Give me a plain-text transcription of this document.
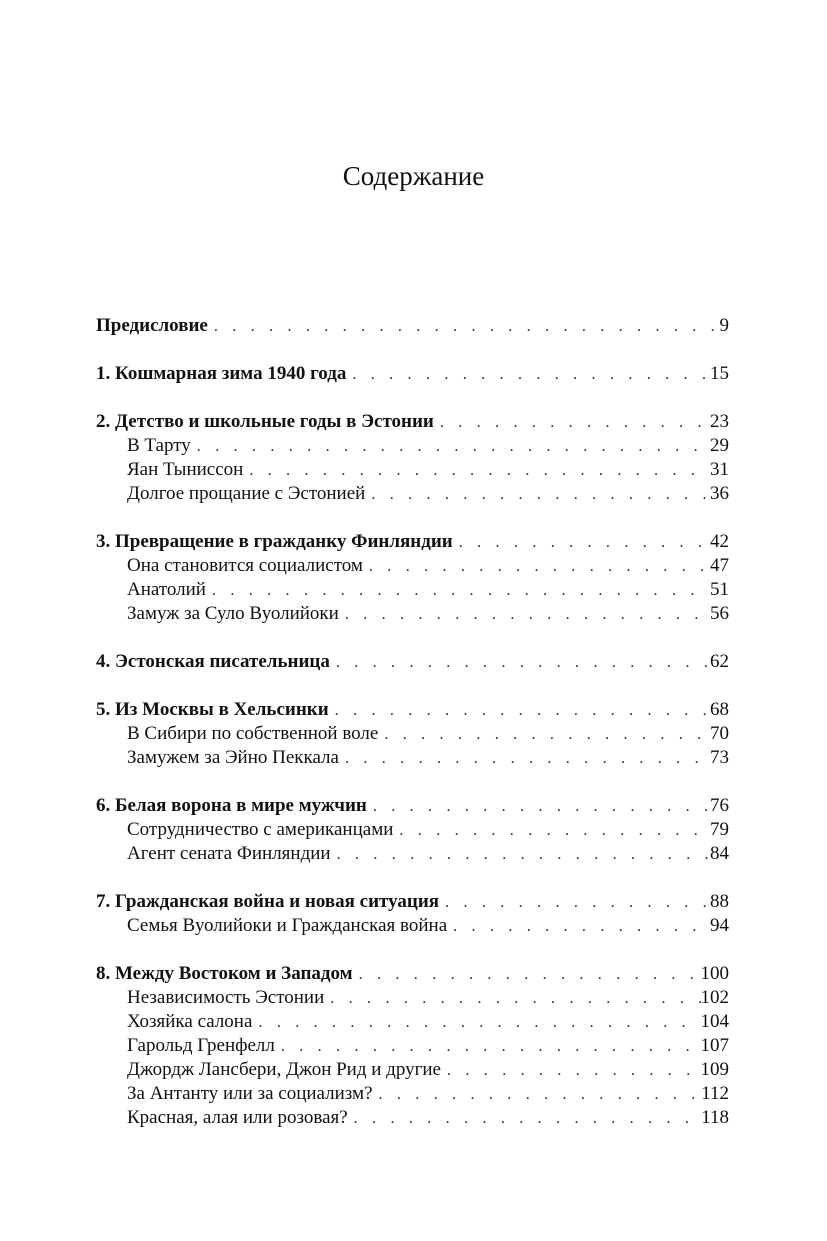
Содержание
Предисловие . . .	9
1. Кошмарная зима 1940 года . . .	15
2. Детство и школьные годы в Эстонии . . .	23
В Тарту . . .	29
Яан Тыниссон . . .	31
Долгое прощание с Эстонией . . .	36
3. Превращение в гражданку Финляндии . . .	42
Она становится социалистом . . .	47
Анатолий . . .	51
Замуж за Суло Вуолийоки . . .	56
4. Эстонская писательница . . .	62
5. Из Москвы в Хельсинки . . .	68
В Сибири по собственной воле . . .	70
Замужем за Эйно Пеккала . . .	73
6. Белая ворона в мире мужчин . . .	76
Сотрудничество с американцами . . .	79
Агент сената Финляндии . . .	84
7. Гражданская война и новая ситуация . . .	88
Семья Вуолийоки и Гражданская война . . .	94
8. Между Востоком и Западом . . .	100
Независимость Эстонии . . .	102
Хозяйка салона . . .	104
Гарольд Гренфелл . . .	107
Джордж Лансбери, Джон Рид и другие . . .	109
За Антанту или за социализм? . . .	112
Красная, алая или розовая? . . .	118
